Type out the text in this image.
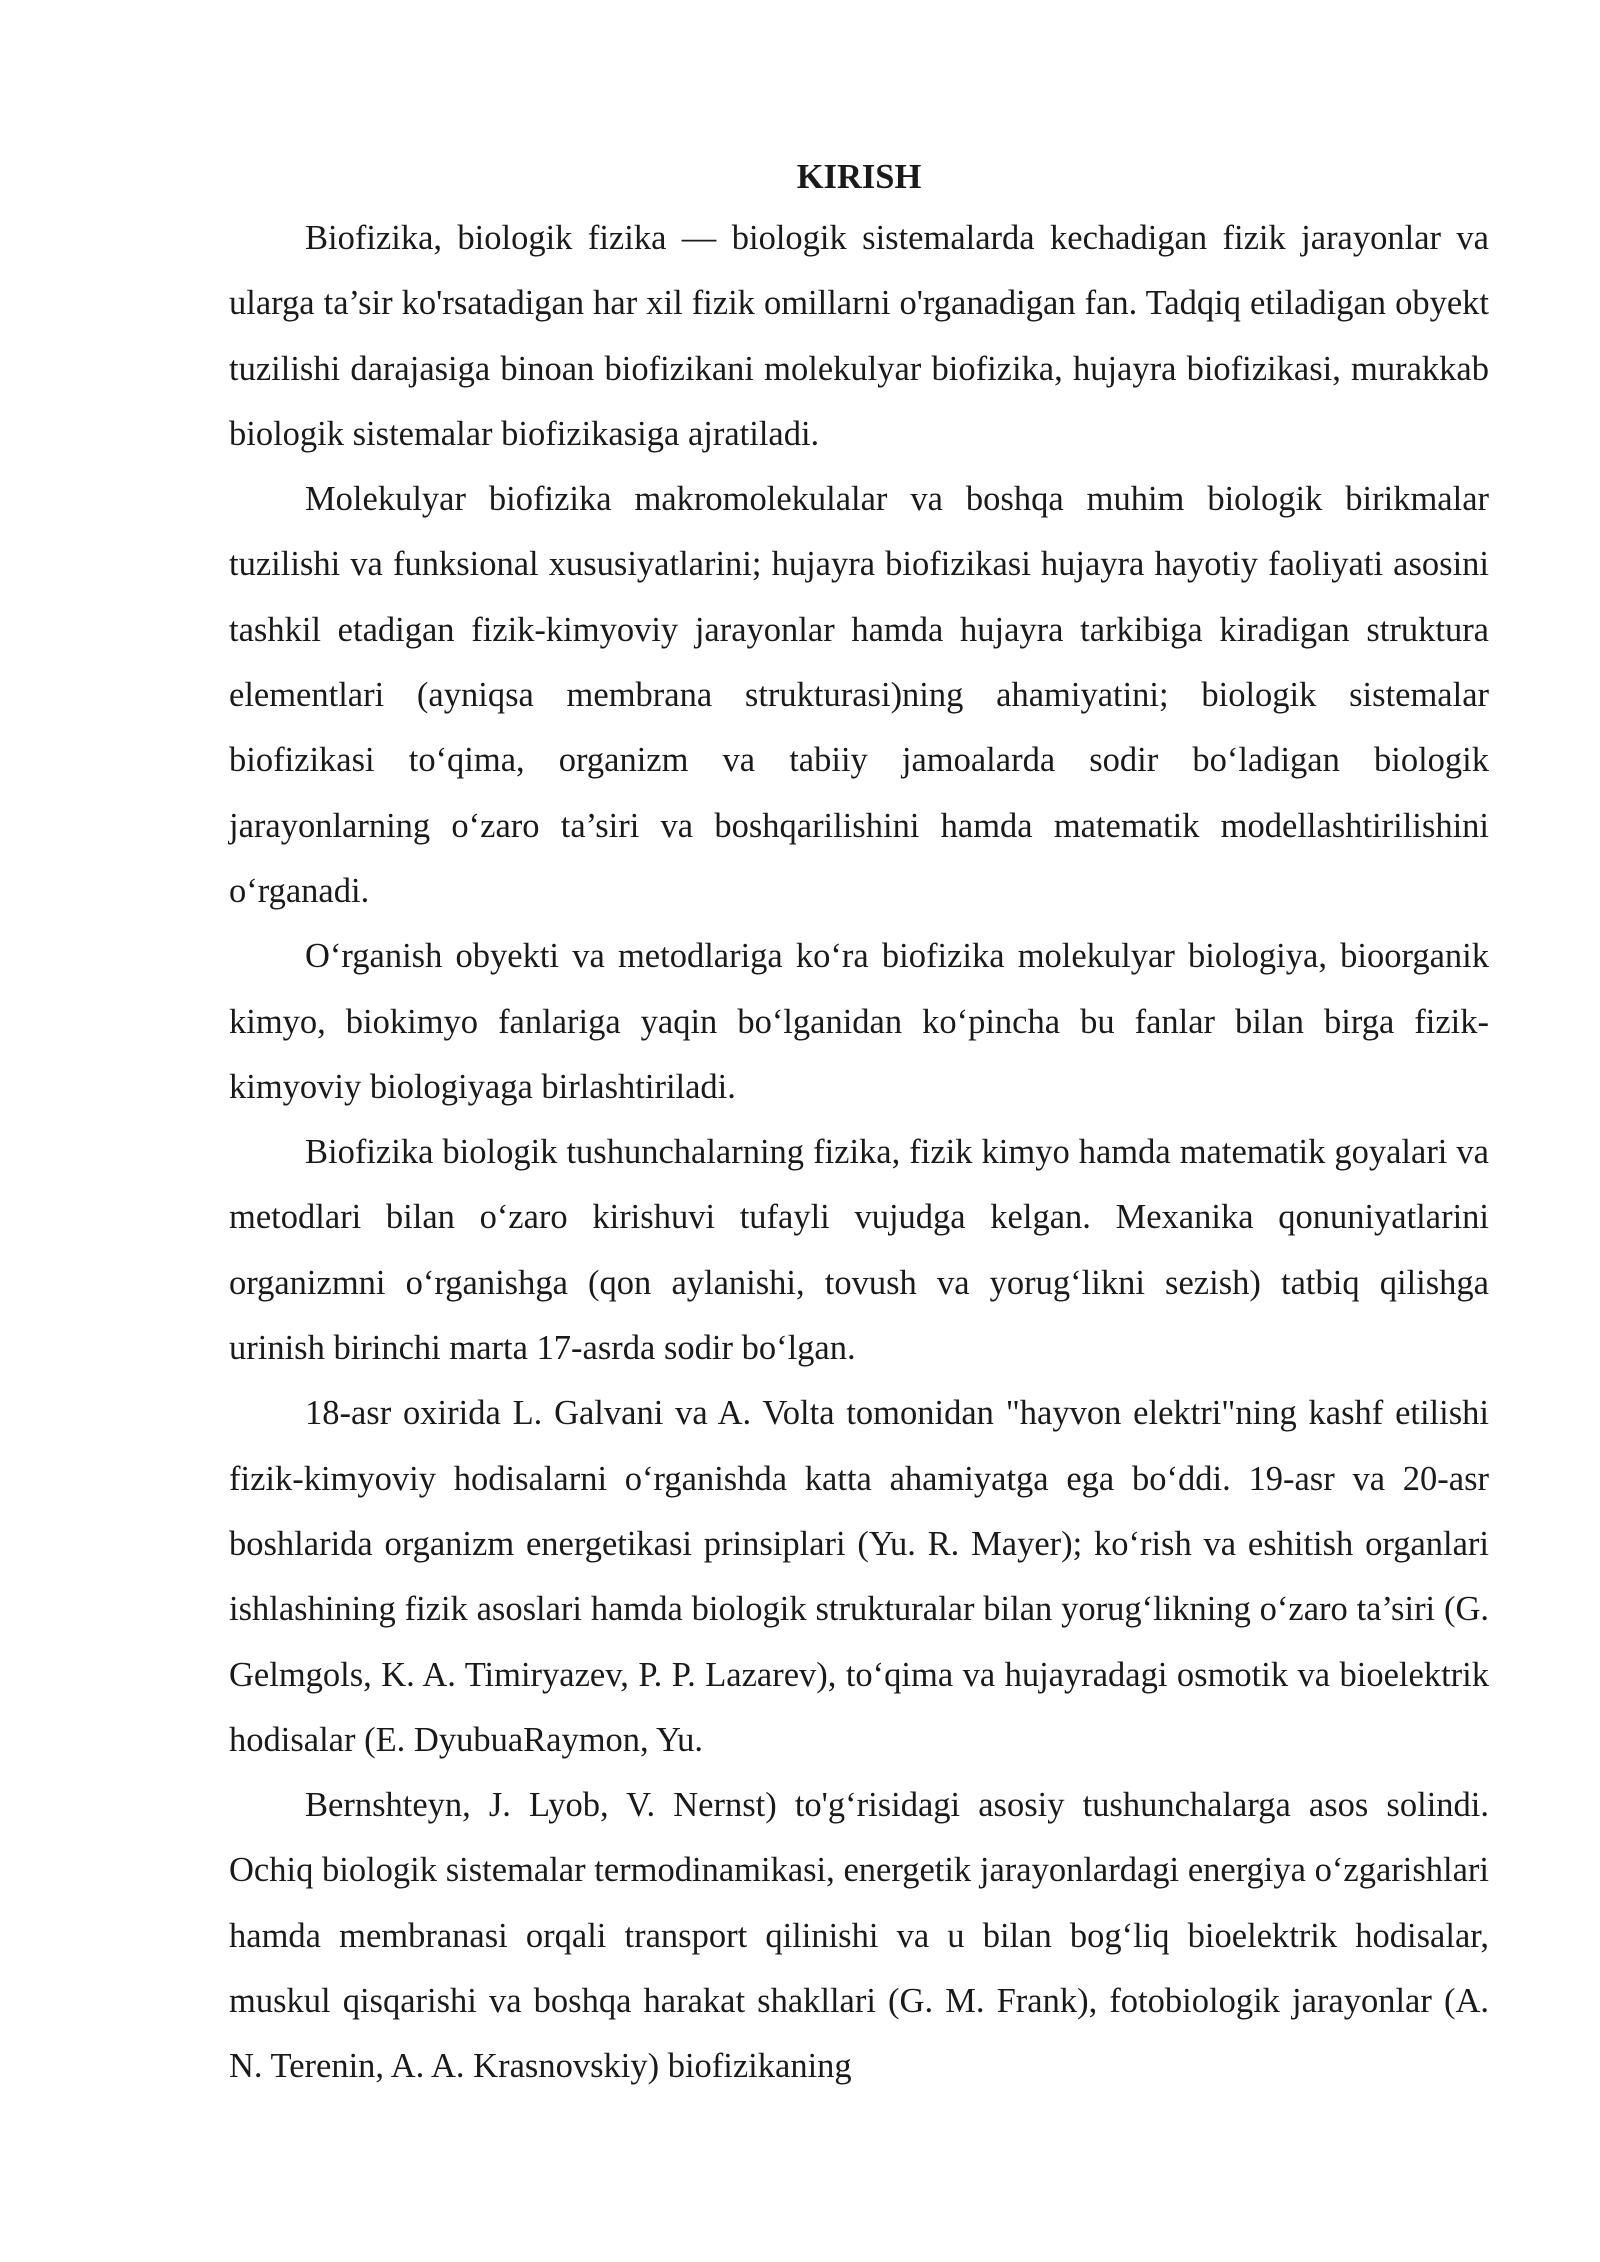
KIRISH

Biofizika, biologik fizika — biologik sistemalarda kechadigan fizik jarayonlar va ularga ta’sir ko'rsatadigan har xil fizik omillarni o'rganadigan fan. Tadqiq etiladigan obyekt tuzilishi darajasiga binoan biofizikani molekulyar biofizika, hujayra biofizikasi, murakkab biologik sistemalar biofizikasiga ajratiladi.

Molekulyar biofizika makromolekulalar va boshqa muhim biologik birikmalar tuzilishi va funksional xususiyatlarini; hujayra biofizikasi hujayra hayotiy faoliyati asosini tashkil etadigan fizik-kimyoviy jarayonlar hamda hujayra tarkibiga kiradigan struktura elementlari (ayniqsa membrana strukturasi)ning ahamiyatini; biologik sistemalar biofizikasi to‘qima, organizm va tabiiy jamoalarda sodir bo‘ladigan biologik jarayonlarning o‘zaro ta’siri va boshqarilishini hamda matematik modellashtirilishini o‘rganadi.

O‘rganish obyekti va metodlariga ko‘ra biofizika molekulyar biologiya, bioorganik kimyo, biokimyo fanlariga yaqin bo‘lganidan ko‘pincha bu fanlar bilan birga fizik-kimyoviy biologiyaga birlashtiriladi.

Biofizika biologik tushunchalarning fizika, fizik kimyo hamda matematik goyalari va metodlari bilan o‘zaro kirishuvi tufayli vujudga kelgan. Mexanika qonuniyatlarini organizmni o‘rganishga (qon aylanishi, tovush va yorug‘likni sezish) tatbiq qilishga urinish birinchi marta 17-asrda sodir bo‘lgan.

18-asr oxirida L. Galvani va A. Volta tomonidan "hayvon elektri"ning kashf etilishi fizik-kimyoviy hodisalarni o‘rganishda katta ahamiyatga ega bo‘ddi. 19-asr va 20-asr boshlarida organizm energetikasi prinsiplari (Yu. R. Mayer); ko‘rish va eshitish organlari ishlashining fizik asoslari hamda biologik strukturalar bilan yorug‘likning o‘zaro ta’siri (G. Gelmgols, K. A. Timiryazev, P. P. Lazarev), to‘qima va hujayradagi osmotik va bioelektrik hodisalar (E. DyubuaRaymon, Yu.

Bernshteyn, J. Lyob, V. Nernst) to'g‘risidagi asosiy tushunchalarga asos solindi. Ochiq biologik sistemalar termodinamikasi, energetik jarayonlardagi energiya o‘zgarishlari hamda membranasi orqali transport qilinishi va u bilan bog‘liq bioelektrik hodisalar, muskul qisqarishi va boshqa harakat shakllari (G. M. Frank), fotobiologik jarayonlar (A. N. Terenin, A. A. Krasnovskiy) biofizikaning
